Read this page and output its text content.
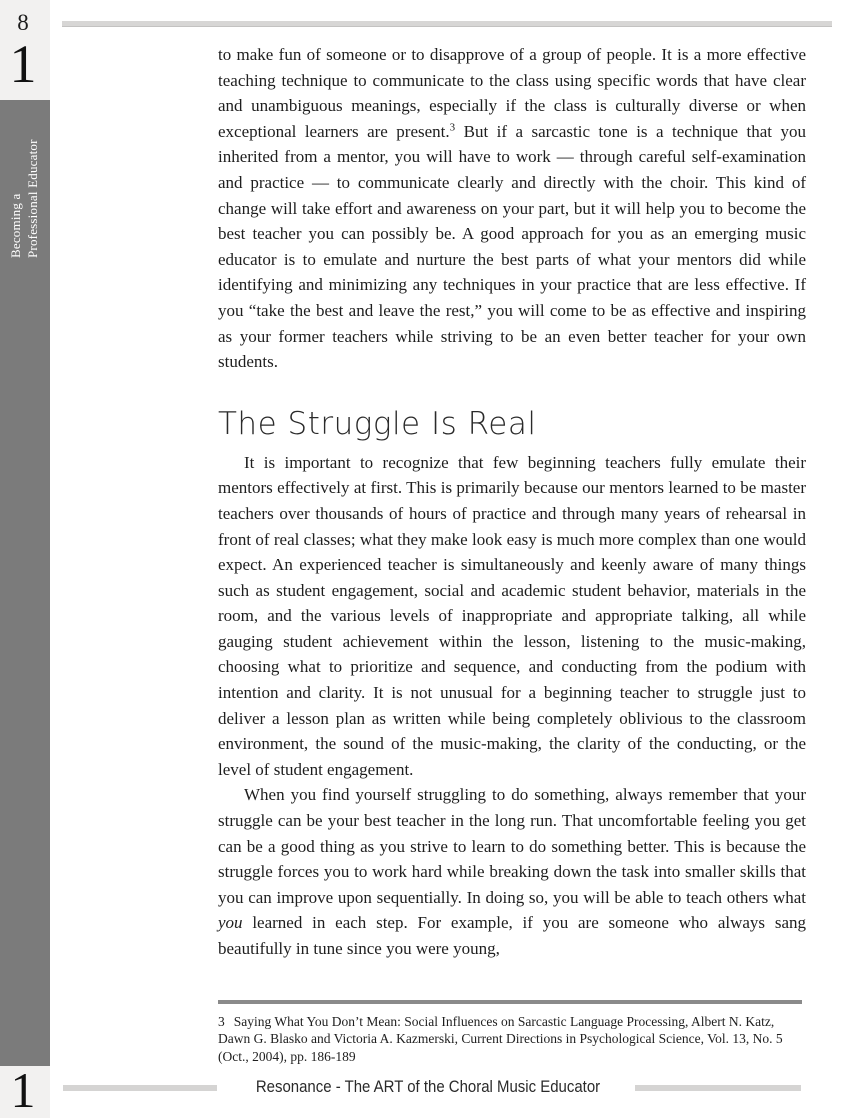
8
1
1
Becoming a Professional Educator

to make fun of someone or to disapprove of a group of people. It is a more effective teaching technique to communicate to the class using specific words that have clear and unambiguous meanings, especially if the class is culturally diverse or when exceptional learners are present.$^3$ But if a sarcastic tone is a technique that you inherited from a mentor, you will have to work — through careful self-examination and practice — to communicate clearly and directly with the choir. This kind of change will take effort and awareness on your part, but it will help you to become the best teacher you can possibly be. A good approach for you as an emerging music educator is to emulate and nurture the best parts of what your mentors did while identifying and minimizing any techniques in your practice that are less effective. If you “take the best and leave the rest,” you will come to be as effective and inspiring as your former teachers while striving to be an even better teacher for your own students.

The Struggle Is Real

It is important to recognize that few beginning teachers fully emulate their mentors effectively at first. This is primarily because our mentors learned to be master teachers over thousands of hours of practice and through many years of rehearsal in front of real classes; what they make look easy is much more complex than one would expect. An experienced teacher is simultaneously and keenly aware of many things such as student engagement, social and academic student behavior, materials in the room, and the various levels of inappropriate and appropriate talking, all while gauging student achievement within the lesson, listening to the music-making, choosing what to prioritize and sequence, and conducting from the podium with intention and clarity. It is not unusual for a beginning teacher to struggle just to deliver a lesson plan as written while being completely oblivious to the classroom environment, the sound of the music-making, the clarity of the conducting, or the level of student engagement.

When you find yourself struggling to do something, always remember that your struggle can be your best teacher in the long run. That uncomfortable feeling you get can be a good thing as you strive to learn to do something better. This is because the struggle forces you to work hard while breaking down the task into smaller skills that you can improve upon sequentially. In doing so, you will be able to teach others what you learned in each step. For example, if you are someone who always sang beautifully in tune since you were young,

3 Saying What You Don’t Mean: Social Influences on Sarcastic Language Processing, Albert N. Katz, Dawn G. Blasko and Victoria A. Kazmerski, Current Directions in Psychological Science, Vol. 13, No. 5 (Oct., 2004), pp. 186-189
Resonance - The ART of the Choral Music Educator
